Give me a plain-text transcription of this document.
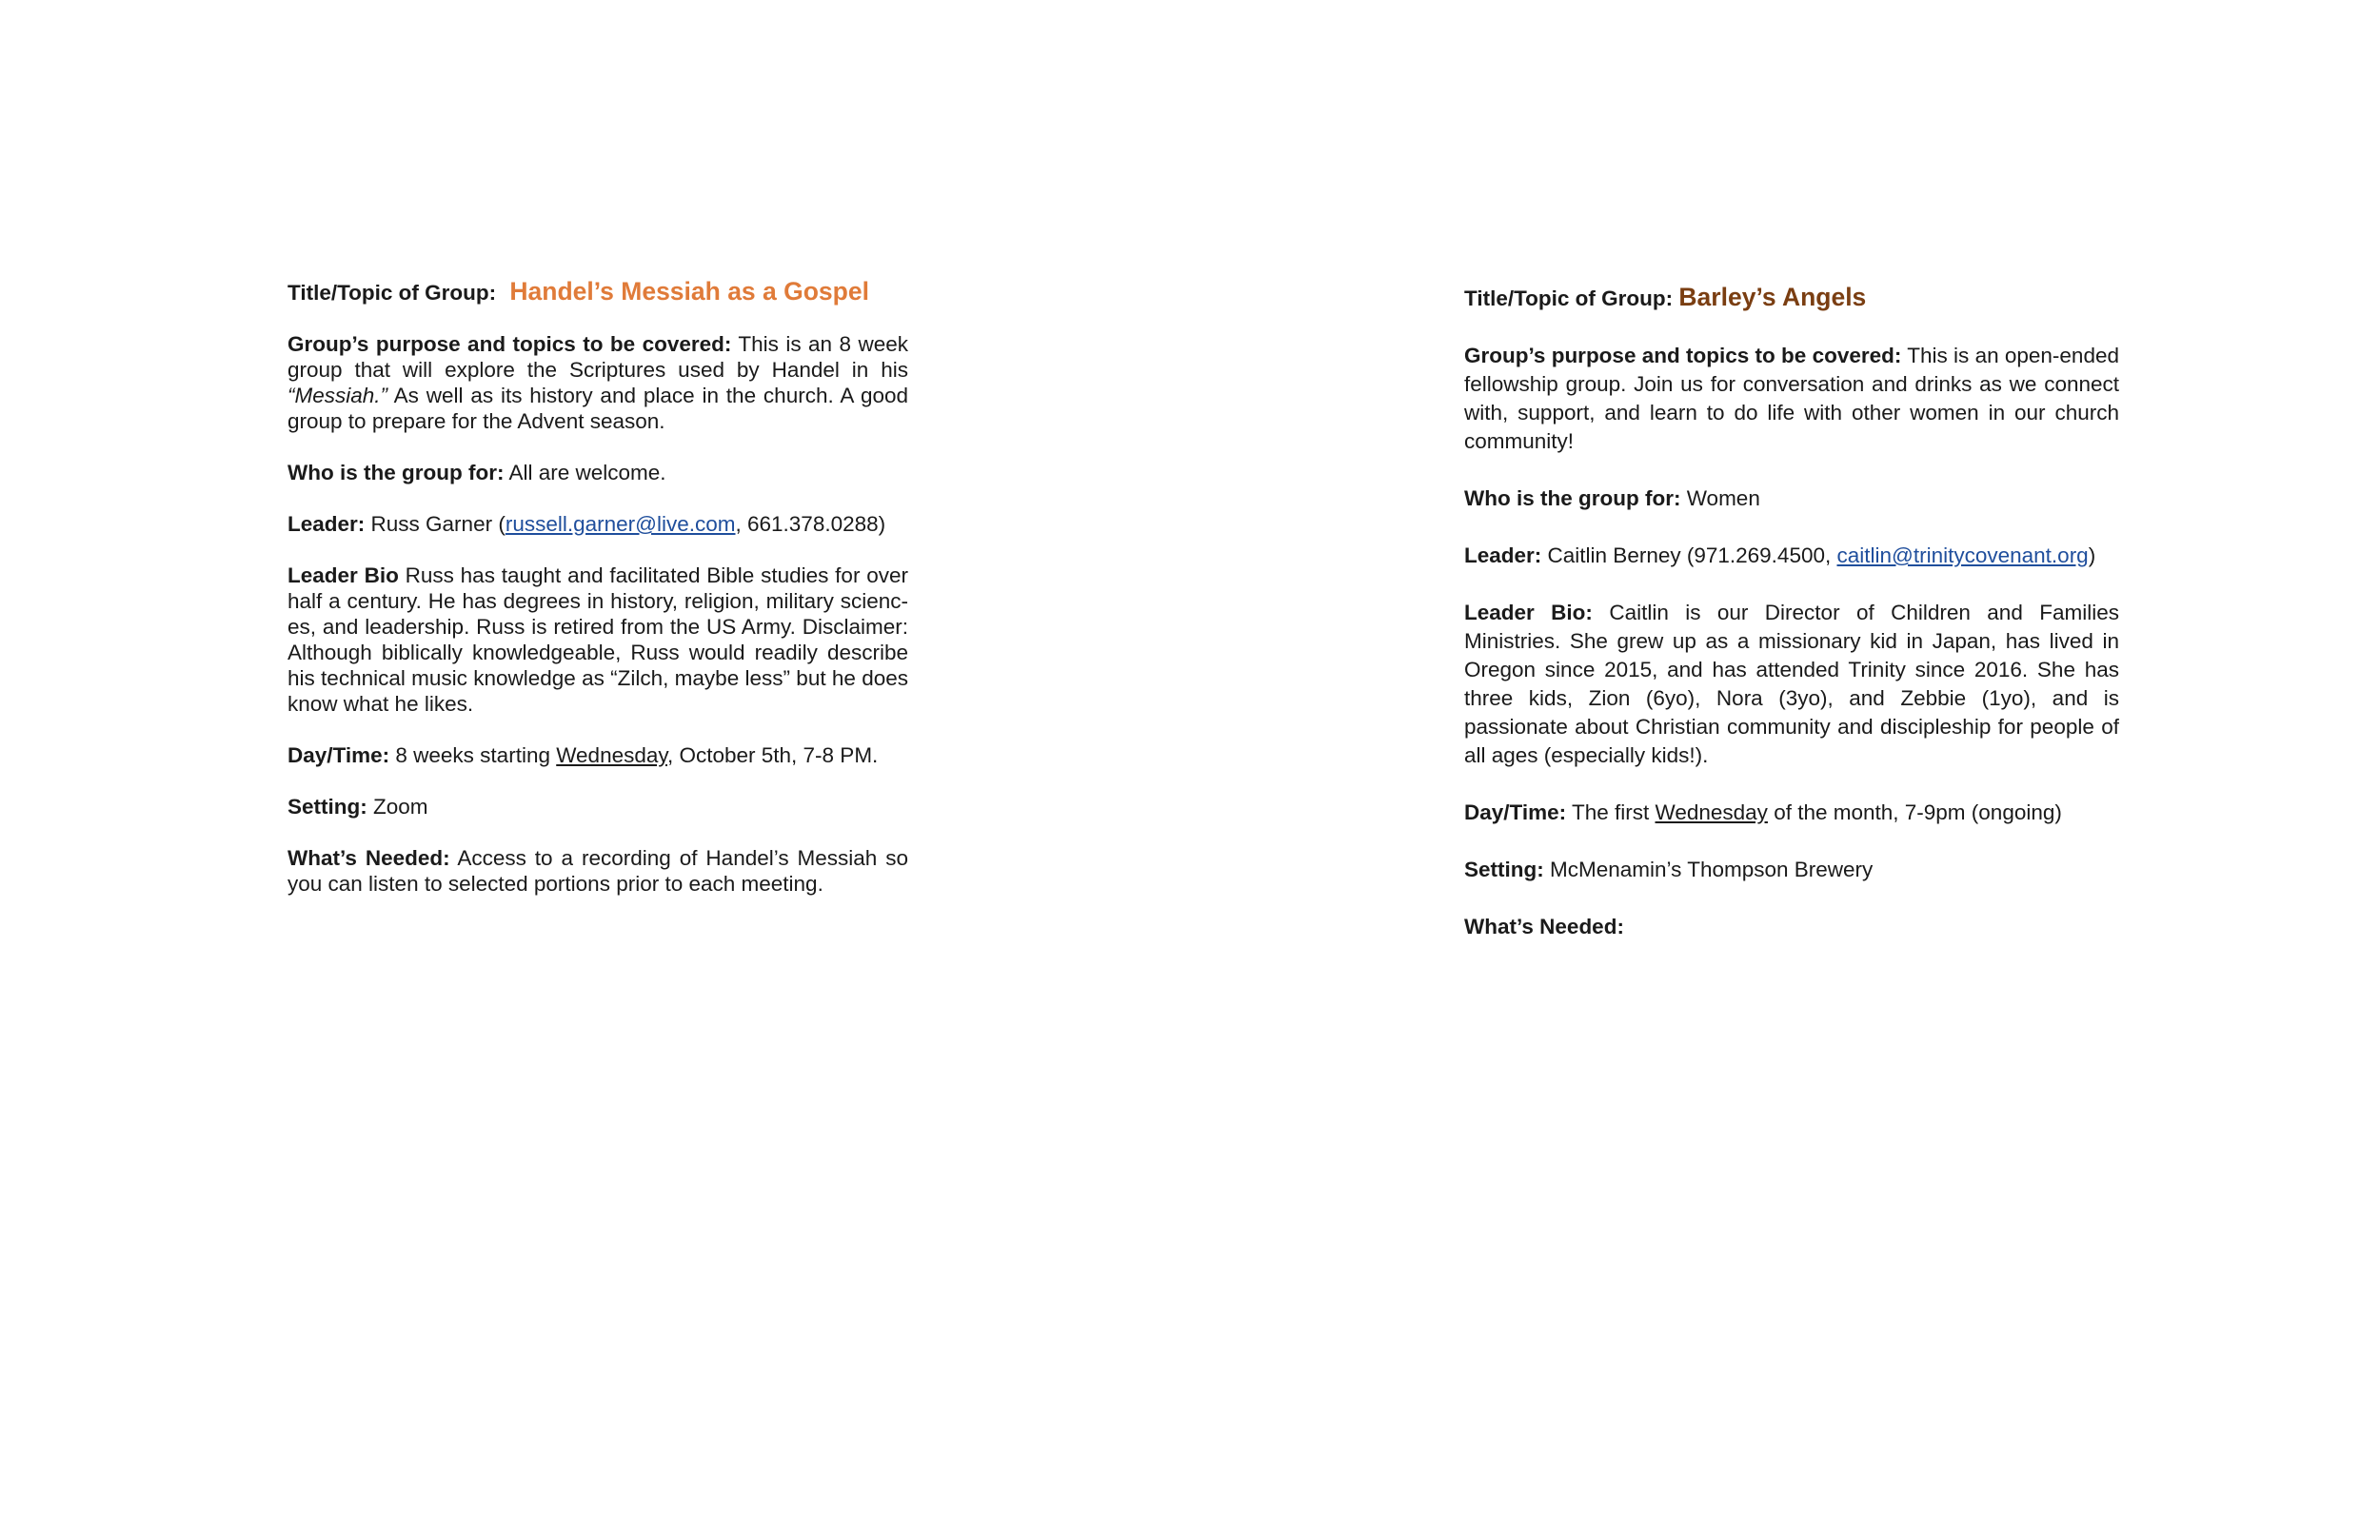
Title/Topic of Group: Handel’s Messiah as a Gospel

Group’s purpose and topics to be covered: This is an 8 week group that will explore the Scriptures used by Handel in his “Messiah.” As well as its history and place in the church. A good group to prepare for the Advent season.

Who is the group for: All are welcome.

Leader: Russ Garner (russell.garner@live.com, 661.378.0288)

Leader Bio Russ has taught and facilitated Bible studies for over half a century. He has degrees in history, religion, military scienc-es, and leadership. Russ is retired from the US Army. Disclaimer: Although biblically knowledgeable, Russ would readily describe his technical music knowledge as “Zilch, maybe less” but he does know what he likes.

Day/Time: 8 weeks starting Wednesday, October 5th, 7-8 PM.

Setting: Zoom

What’s Needed: Access to a recording of Handel’s Messiah so you can listen to selected portions prior to each meeting.

Title/Topic of Group: Barley’s Angels

Group’s purpose and topics to be covered: This is an open-ended fellowship group. Join us for conversation and drinks as we connect with, support, and learn to do life with other women in our church community!

Who is the group for: Women

Leader: Caitlin Berney (971.269.4500, caitlin@trinitycovenant.org)

Leader Bio: Caitlin is our Director of Children and Families Ministries. She grew up as a missionary kid in Japan, has lived in Oregon since 2015, and has attended Trinity since 2016. She has three kids, Zion (6yo), Nora (3yo), and Zebbie (1yo), and is passionate about Christian community and discipleship for people of all ages (especially kids!).

Day/Time: The first Wednesday of the month, 7-9pm (ongoing)

Setting: McMenamin’s Thompson Brewery

What’s Needed:
